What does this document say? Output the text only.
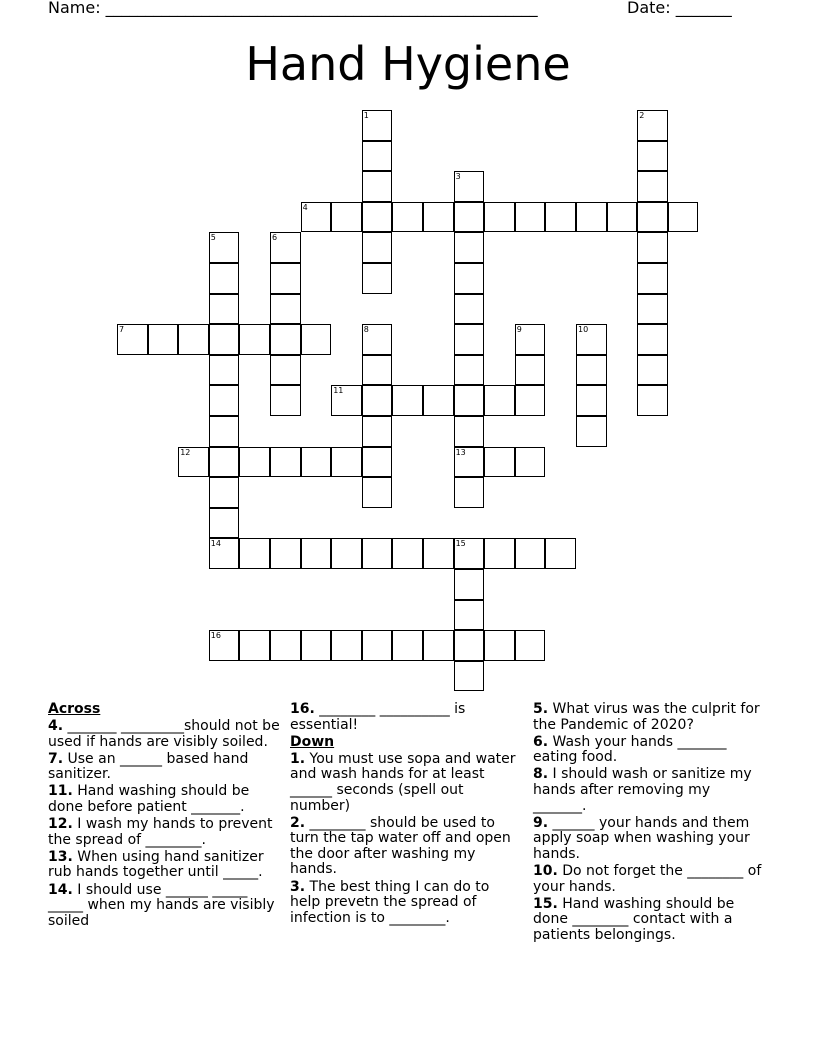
Name: ______________________________________________________	Date: _______
Hand Hygiene
1	2
3
13
4
5	6
7	8	9	10
11
12
14	15
16
Across
4. _______ _________should not be used if hands are visibly soiled.
7. Use an ______ based hand sanitizer.
11. Hand washing should be done before patient _______.
12. I wash my hands to prevent the spread of ________.
13. When using hand sanitizer rub hands together until _____.
14. I should use ______ _____ _____ when my hands are visibly soiled
16. ________ __________ is essential!
Down
1. You must use sopa and water and wash hands for at least ______ seconds (spell out number)
2. ________ should be used to turn the tap water off and open the door after washing my hands.
3. The best thing I can do to help prevetn the spread of infection is to ________.
5. What virus was the culprit for the Pandemic of 2020?
6. Wash your hands _______ eating food.
8. I should wash or sanitize my hands after removing my _______.
9. ______ your hands and them apply soap when washing your hands.
10. Do not forget the ________ of your hands.
15. Hand washing should be done ________ contact with a patients belongings.
